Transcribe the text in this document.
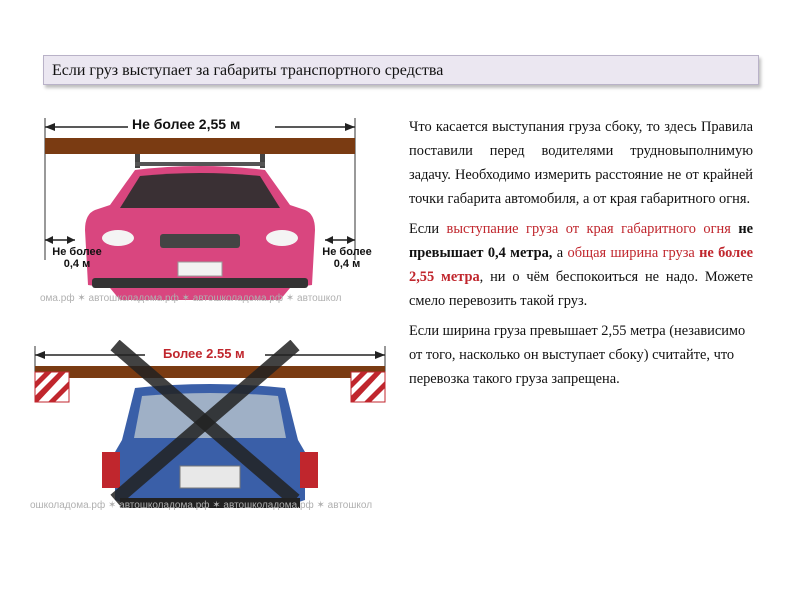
Если груз выступает за габариты транспортного средства
Не более 2,55 м
Не более
0,4 м
Не более
0,4 м
ома.рф ✶ автошколадома.рф ✶ автошколадома.рф ✶ автошкол
Более 2.55 м
ошколадома.рф ✶ автошколадома.рф ✶ автошколадома.рф ✶ автошкол

Что касается выступания груза сбоку, то здесь Правила поставили перед водителями трудновыполнимую задачу. Необходимо измерить расстояние не от крайней точки габарита автомобиля, а от края габаритного огня.

Если выступание груза от края габаритного огня не превышает 0,4 метра, а общая ширина груза не более 2,55 метра, ни о чём беспокоиться не надо. Можете смело перевозить такой груз.

Если ширина груза превышает 2,55 метра (независимо от того, насколько он выступает сбоку) считайте, что перевозка такого груза запрещена.
